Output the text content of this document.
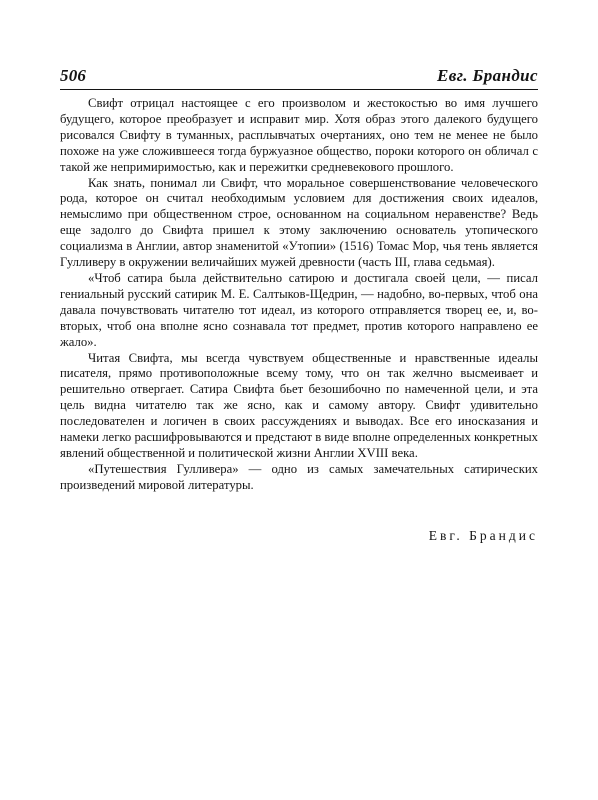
506	Евг. Брандис

Свифт отрицал настоящее с его произволом и жестокостью во имя лучшего будущего, которое преобразует и исправит мир. Хотя образ этого далекого будущего рисовался Свифту в туманных, расплывчатых очертаниях, оно тем не менее не было похоже на уже сложившееся тогда буржуазное общество, пороки которого он обличал с такой же непримиримостью, как и пережитки средневекового прошлого.

Как знать, понимал ли Свифт, что моральное совершенствование человеческого рода, которое он считал необходимым условием для достижения своих идеалов, немыслимо при общественном строе, основанном на социальном неравенстве? Ведь еще задолго до Свифта пришел к этому заключению основатель утопического социализма в Англии, автор знаменитой «Утопии» (1516) Томас Мор, чья тень является Гулливеру в окружении величайших мужей древности (часть III, глава седьмая).

«Чтоб сатира была действительно сатирою и достигала своей цели, — писал гениальный русский сатирик М. Е. Салтыков-Щедрин, — надобно, во-первых, чтоб она давала почувствовать читателю тот идеал, из которого отправляется творец ее, и, во-вторых, чтоб она вполне ясно сознавала тот предмет, против которого направлено ее жало».

Читая Свифта, мы всегда чувствуем общественные и нравственные идеалы писателя, прямо противоположные всему тому, что он так желчно высмеивает и решительно отвергает. Сатира Свифта бьет безошибочно по намеченной цели, и эта цель видна читателю так же ясно, как и самому автору. Свифт удивительно последователен и логичен в своих рассуждениях и выводах. Все его иносказания и намеки легко расшифровываются и предстают в виде вполне определенных конкретных явлений общественной и политической жизни Англии XVIII века.

«Путешествия Гулливера» — одно из самых замечательных сатирических произведений мировой литературы.

Евг. Брандис
